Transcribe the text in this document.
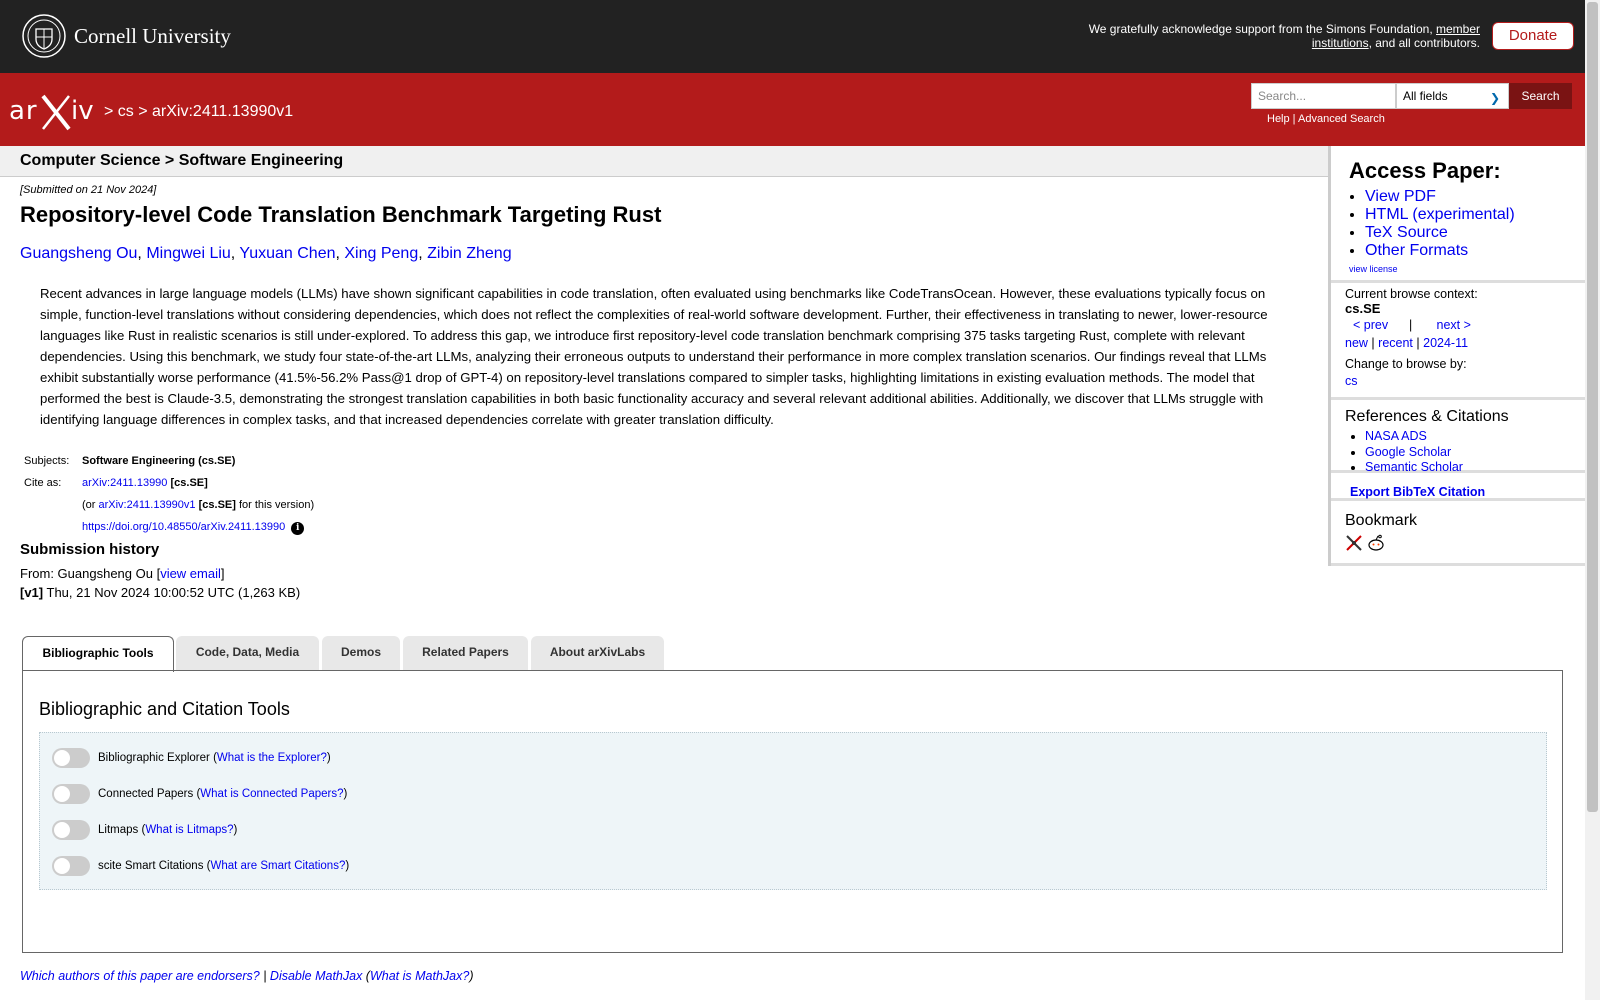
Cornell University	We gratefully acknowledge support from the Simons Foundation, member institutions, and all contributors.	Donate
ar iv > cs > arXiv:2411.13990v1
Search...
All fields	❯	Search
Help | Advanced Search
Computer Science > Software Engineering
[Submitted on 21 Nov 2024]
Repository-level Code Translation Benchmark Targeting Rust
Guangsheng Ou, Mingwei Liu, Yuxuan Chen, Xing Peng, Zibin Zheng
Recent advances in large language models (LLMs) have shown significant capabilities in code translation, often evaluated using benchmarks like CodeTransOcean. However, these evaluations typically focus on simple, function-level translations without considering dependencies, which does not reflect the complexities of real-world software development. Further, their effectiveness in translating to newer, lower-resource languages like Rust in realistic scenarios is still under-explored. To address this gap, we introduce first repository-level code translation benchmark comprising 375 tasks targeting Rust, complete with relevant dependencies. Using this benchmark, we study four state-of-the-art LLMs, analyzing their erroneous outputs to understand their performance in more complex translation scenarios. Our findings reveal that LLMs exhibit substantially worse performance (41.5%-56.2% Pass@1 drop of GPT-4) on repository-level translations compared to simpler tasks, highlighting limitations in existing evaluation methods. The model that performed the best is Claude-3.5, demonstrating the strongest translation capabilities in both basic functionality accuracy and several relevant additional abilities. Additionally, we discover that LLMs struggle with identifying language differences in complex tasks, and that increased dependencies correlate with greater translation difficulty.
Subjects:	Software Engineering (cs.SE)
Cite as:	arXiv:2411.13990 [cs.SE]
	(or arXiv:2411.13990v1 [cs.SE] for this version)
	https://doi.org/10.48550/arXiv.2411.13990 i
Submission history
From: Guangsheng Ou [view email]
[v1] Thu, 21 Nov 2024 10:00:52 UTC (1,263 KB)
Bibliographic Tools	Code, Data, Media	Demos	Related Papers	About arXivLabs
Bibliographic and Citation Tools
Bibliographic Explorer (What is the Explorer?)
Connected Papers (What is Connected Papers?)
Litmaps (What is Litmaps?)
scite Smart Citations (What are Smart Citations?)
Which authors of this paper are endorsers? | Disable MathJax (What is MathJax?)
Access Paper:
• View PDF
• HTML (experimental)
• TeX Source
• Other Formats
view license
Current browse context:
cs.SE
< prev | next >
new | recent | 2024-11
Change to browse by:
cs
References & Citations
• NASA ADS
• Google Scholar
• Semantic Scholar
Export BibTeX Citation
Bookmark
